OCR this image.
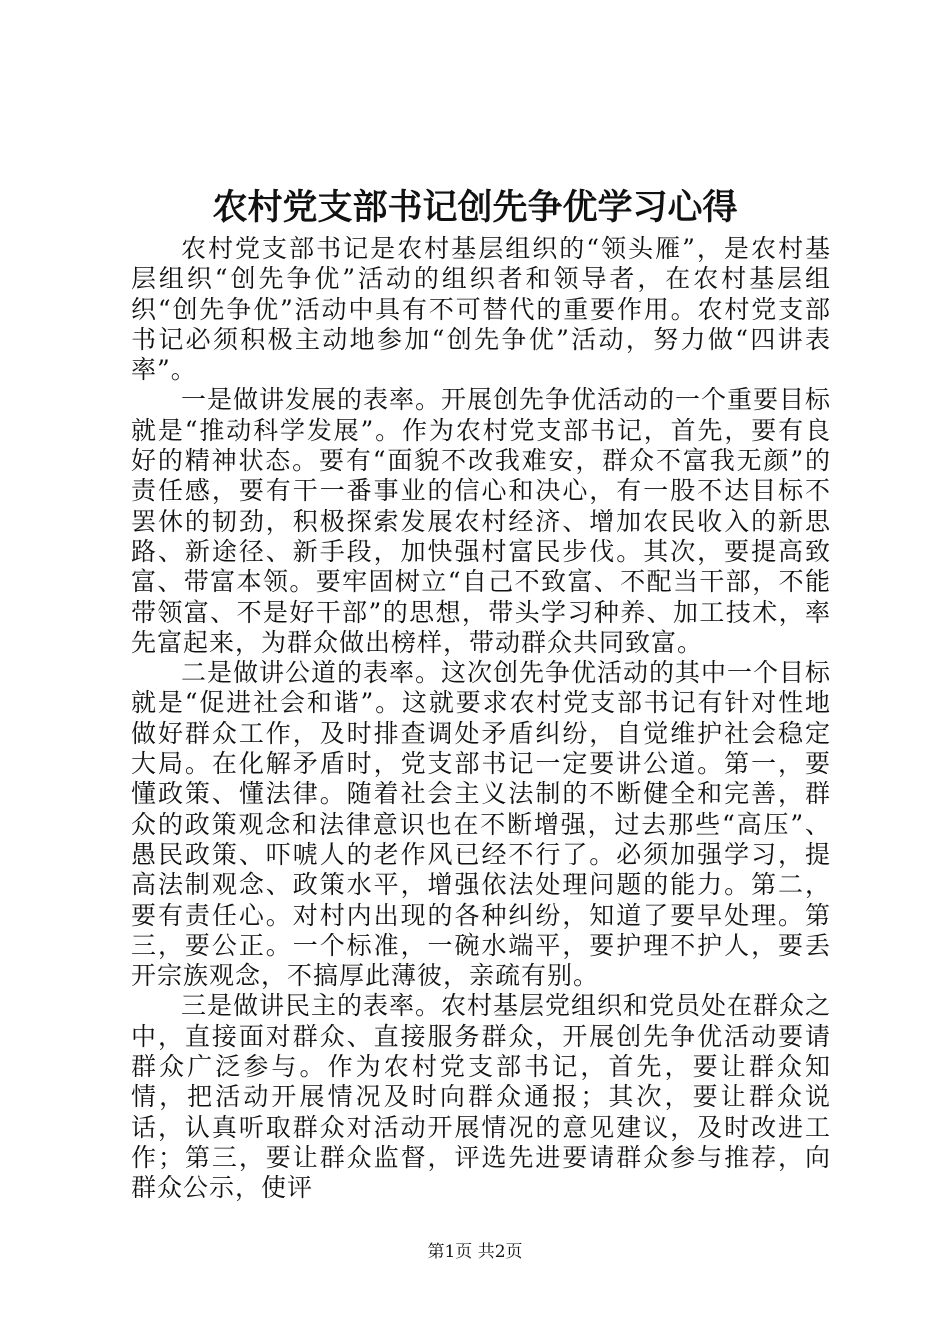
农村党支部书记创先争优学习心得

农村党支部书记是农村基层组织的“领头雁”，是农村基层组织“创先争优”活动的组织者和领导者，在农村基层组织“创先争优”活动中具有不可替代的重要作用。农村党支部书记必须积极主动地参加“创先争优”活动，努力做“四讲表率”。

一是做讲发展的表率。开展创先争优活动的一个重要目标就是“推动科学发展”。作为农村党支部书记，首先，要有良好的精神状态。要有“面貌不改我难安，群众不富我无颜”的责任感，要有干一番事业的信心和决心，有一股不达目标不罢休的韧劲，积极探索发展农村经济、增加农民收入的新思路、新途径、新手段，加快强村富民步伐。其次，要提高致富、带富本领。要牢固树立“自己不致富、不配当干部，不能带领富、不是好干部”的思想，带头学习种养、加工技术，率先富起来，为群众做出榜样，带动群众共同致富。

二是做讲公道的表率。这次创先争优活动的其中一个目标就是“促进社会和谐”。这就要求农村党支部书记有针对性地做好群众工作，及时排查调处矛盾纠纷，自觉维护社会稳定大局。在化解矛盾时，党支部书记一定要讲公道。第一，要懂政策、懂法律。随着社会主义法制的不断健全和完善，群众的政策观念和法律意识也在不断增强，过去那些“高压”、愚民政策、吓唬人的老作风已经不行了。必须加强学习，提高法制观念、政策水平，增强依法处理问题的能力。第二，要有责任心。对村内出现的各种纠纷，知道了要早处理。第三，要公正。一个标准，一碗水端平，要护理不护人，要丢开宗族观念，不搞厚此薄彼，亲疏有别。

三是做讲民主的表率。农村基层党组织和党员处在群众之中，直接面对群众、直接服务群众，开展创先争优活动要请群众广泛参与。作为农村党支部书记，首先，要让群众知情，把活动开展情况及时向群众通报；其次，要让群众说话，认真听取群众对活动开展情况的意见建议，及时改进工作；第三，要让群众监督，评选先进要请群众参与推荐，向群众公示，使评

第1页 共2页
